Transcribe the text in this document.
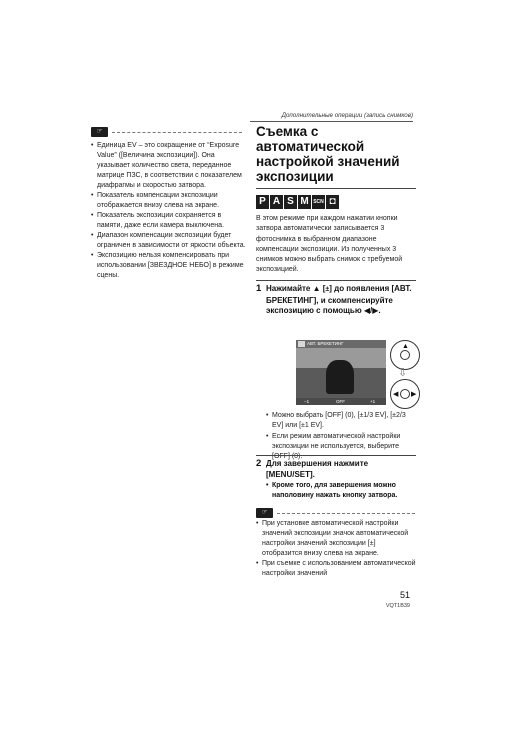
Дополнительные операции (запись снимков)
☞
• Единица EV – это сокращение от “Exposure Value” ([Величина экспозиции]). Она указывает количество света, переданное матрице ПЗС, в соответствии с показателем диафрагмы и скоростью затвора.
• Показатель компенсации экспозиции отображается внизу слева на экране.
• Показатель экспозиции сохраняется в памяти, даже если камера выключена.
• Диапазон компенсации экспозиции будет ограничен в зависимости от яркости объекта.
• Экспозицию нельзя компенсировать при использовании [ЗВЕЗДНОЕ НЕБО] в режиме сцены.
Съемка с автоматической настройкой значений экспозиции
P A S M SCN ◘

В этом режиме при каждом нажатии кнопки затвора автоматически записывается 3 фотоснимка в выбранном диапазоне компенсации экспозиции. Из полученных 3 снимков можно выбрать снимок с требуемой экспозицией.

1 Нажимайте ▲ [±] до появления [АВТ. БРЕКЕТИНГ], и скомпенсируйте экспозицию с помощью ◀/▶.

АВТ. БРЕКЕТИНГ
−1	OFF	+1
▲
⇩
◀ ▶
• Можно выбрать [OFF] (0), [±1/3 EV], [±2/3 EV] или [±1 EV].
• Если режим автоматической настройки экспозиции не используется, выберите [OFF] (0).

2 Для завершения нажмите [MENU/SET].

• Кроме того, для завершения можно наполовину нажать кнопку затвора.
☞
• При установке автоматической настройки значений экспозиции значок автоматической настройки значений экспозиции [±] отобразится внизу слева на экране.
• При съемке с использованием автоматической настройки значений
51
VQT1B39
